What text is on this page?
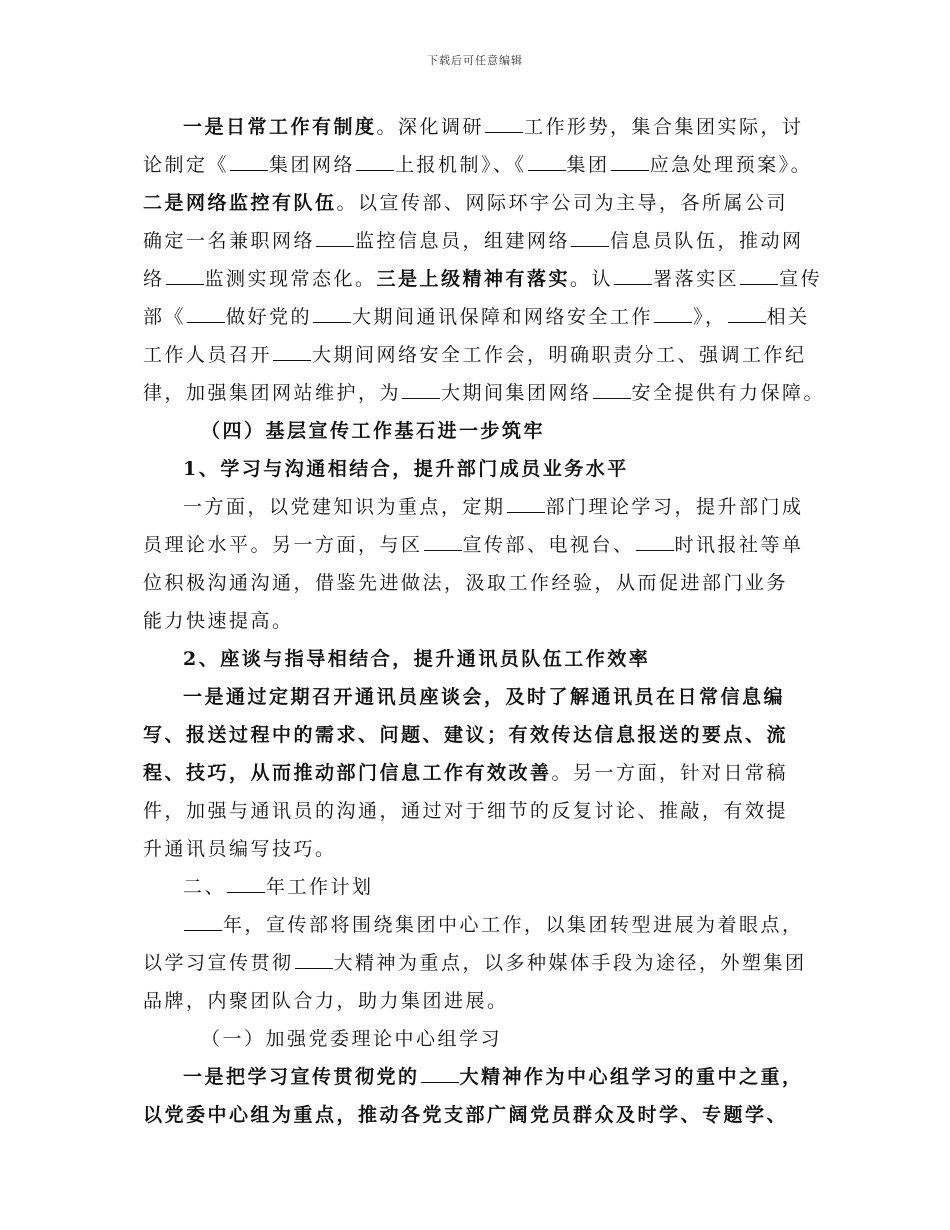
下载后可任意编辑
一是日常工作有制度。深化调研 工作形势，集合集团实际，讨
论制定《 集团网络 上报机制》、《 集团 应急处理预案》。
二是网络监控有队伍。以宣传部、网际环宇公司为主导，各所属公司
确定一名兼职网络 监控信息员，组建网络 信息员队伍，推动网
络 监测实现常态化。三是上级精神有落实。认 署落实区 宣传
部《 做好党的 大期间通讯保障和网络安全工作 》， 相关
工作人员召开 大期间网络安全工作会，明确职责分工、强调工作纪
律，加强集团网站维护，为 大期间集团网络 安全提供有力保障。
（四）基层宣传工作基石进一步筑牢
1、学习与沟通相结合，提升部门成员业务水平
一方面，以党建知识为重点，定期 部门理论学习，提升部门成
员理论水平。另一方面，与区 宣传部、电视台、 时讯报社等单
位积极沟通沟通，借鉴先进做法，汲取工作经验，从而促进部门业务
能力快速提高。
2、座谈与指导相结合，提升通讯员队伍工作效率
一是通过定期召开通讯员座谈会，及时了解通讯员在日常信息编
写、报送过程中的需求、问题、建议；有效传达信息报送的要点、流
程、技巧，从而推动部门信息工作有效改善。另一方面，针对日常稿
件，加强与通讯员的沟通，通过对于细节的反复讨论、推敲，有效提
升通讯员编写技巧。
二、 年工作计划
年，宣传部将围绕集团中心工作，以集团转型进展为着眼点，
以学习宣传贯彻 大精神为重点，以多种媒体手段为途径，外塑集团
品牌，内聚团队合力，助力集团进展。
（一）加强党委理论中心组学习
一是把学习宣传贯彻党的 大精神作为中心组学习的重中之重，
以党委中心组为重点，推动各党支部广阔党员群众及时学、专题学、
